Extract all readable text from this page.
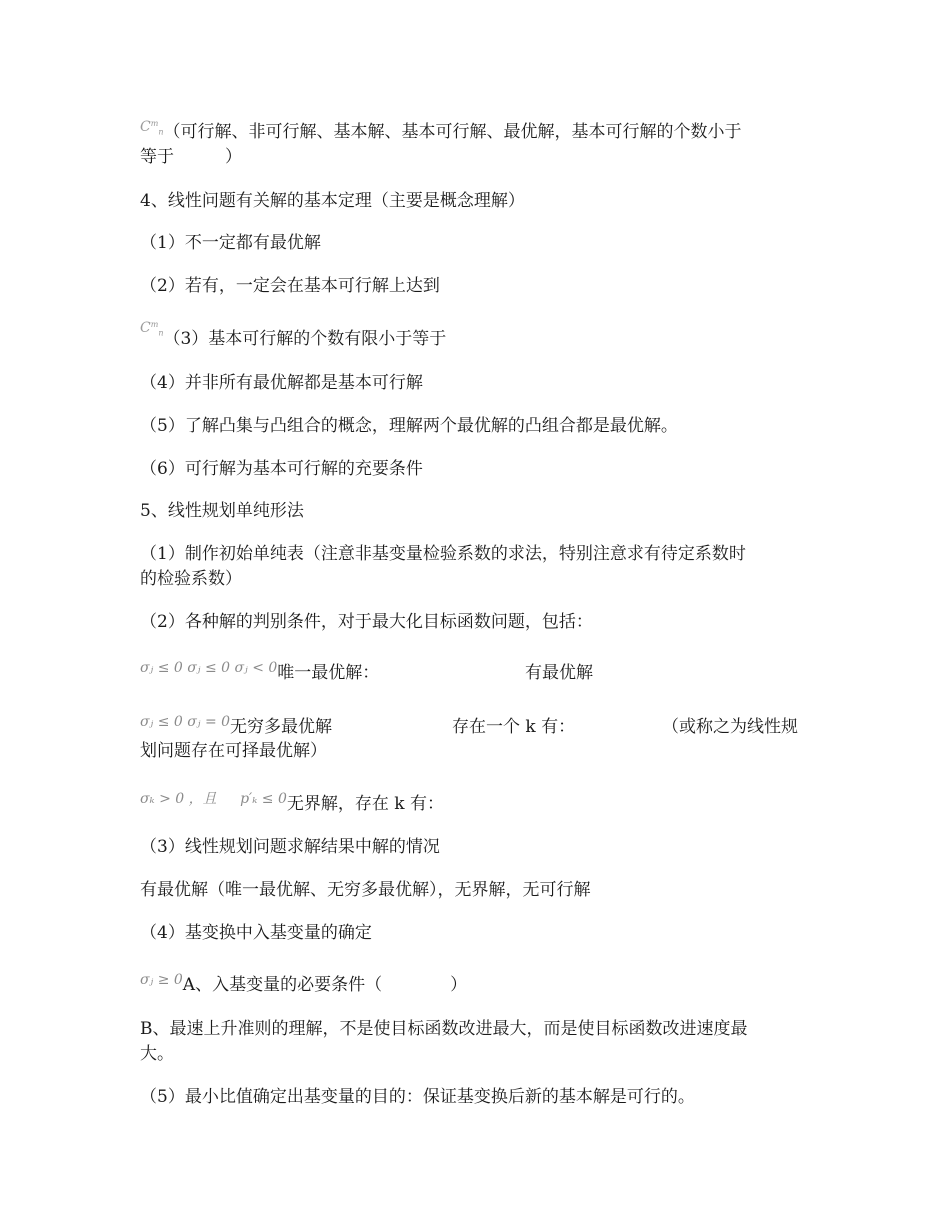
$C^m_n$（可行解、非可行解、基本解、基本可行解、最优解，基本可行解的个数小于
等于　　　）
4、线性问题有关解的基本定理（主要是概念理解）
（1）不一定都有最优解
（2）若有，一定会在基本可行解上达到
$C^m_n(3)$基本可行解的个数有限小于等于
（4）并非所有最优解都是基本可行解
（5）了解凸集与凸组合的概念，理解两个最优解的凸组合都是最优解。
（6）可行解为基本可行解的充要条件
5、线性规划单纯形法
（1）制作初始单纯表（注意非基变量检验系数的求法，特别注意求有待定系数时
的检验系数）
（2）各种解的判别条件，对于最大化目标函数问题，包括：
$^{\sigma ⱼ \le 0 \sigma ⱼ \le 0 \sigma ⱼ < 0}$唯一最优解：	有最优解
$^{\sigma ⱼ \le 0 \sigma ⱼ = 0}$无穷多最优解	存在一个 k 有：	（或称之为线性规
划问题存在可择最优解）
$^{\sigma_k > 0 ,且}$ $^{p'_k \le 0}$无界解，存在 k 有：
（3）线性规划问题求解结果中解的情况
有最优解（唯一最优解、无穷多最优解），无界解，无可行解
（4）基变换中入基变量的确定
$^{\sigma ⱼ \ge 0}$A、入基变量的必要条件（　　　　）
B、最速上升准则的理解，不是使目标函数改进最大，而是使目标函数改进速度最
大。
（5）最小比值确定出基变量的目的：保证基变换后新的基本解是可行的。
